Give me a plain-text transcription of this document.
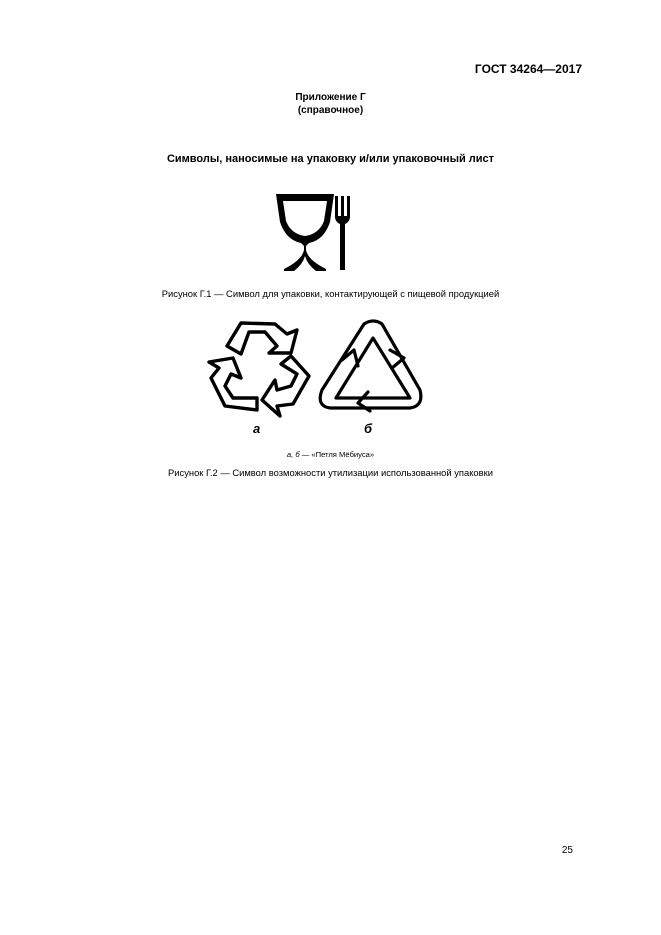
ГОСТ 34264—2017
Приложение Г
(справочное)
Символы, наносимые на упаковку и/или упаковочный лист
Рисунок Г.1 — Символ для упаковки, контактирующей с пищевой продукцией
а	б
а, б — «Петля Мёбиуса»
Рисунок Г.2 — Символ возможности утилизации использованной упаковки
25
